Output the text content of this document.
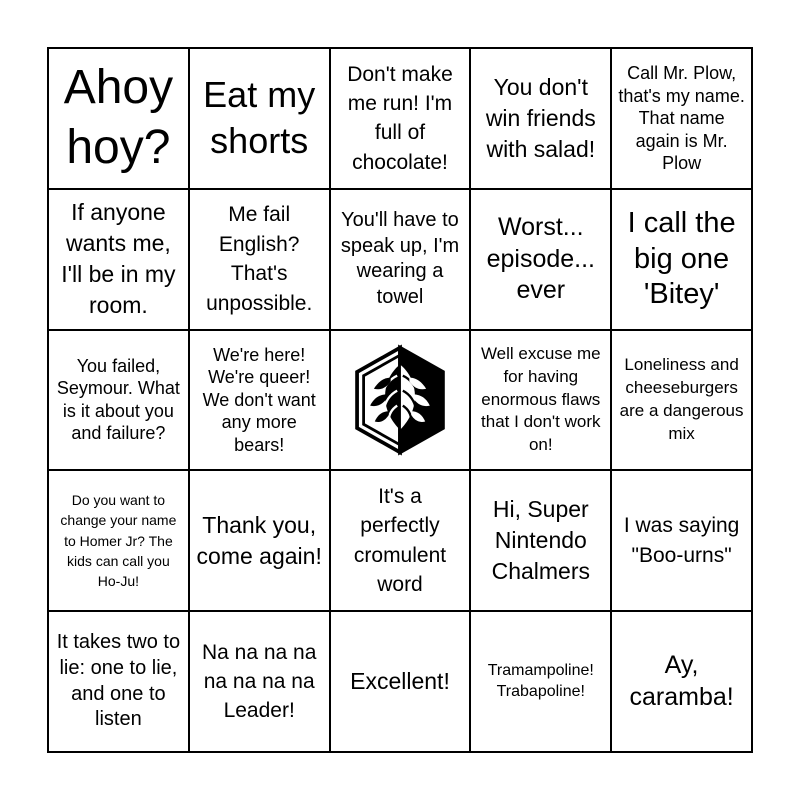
Ahoy hoy?
Eat my shorts
Don't make me run! I'm full of chocolate!
You don't win friends with salad!
Call Mr. Plow, that's my name. That name again is Mr. Plow
If anyone wants me, I'll be in my room.
Me fail English? That's unpossible.
You'll have to speak up, I'm wearing a towel
Worst... episode... ever
I call the big one 'Bitey'
You failed, Seymour. What is it about you and failure?
We're here! We're queer! We don't want any more bears!
Well excuse me for having enormous flaws that I don't work on!
Loneliness and cheeseburgers are a dangerous mix
Do you want to change your name to Homer Jr? The kids can call you Ho-Ju!
Thank you, come again!
It's a perfectly cromulent word
Hi, Super Nintendo Chalmers
I was saying "Boo-urns"
It takes two to lie: one to lie, and one to listen
Na na na na na na na na Leader!
Excellent!	Tramampoline! Trabapoline!
Ay, caramba!
